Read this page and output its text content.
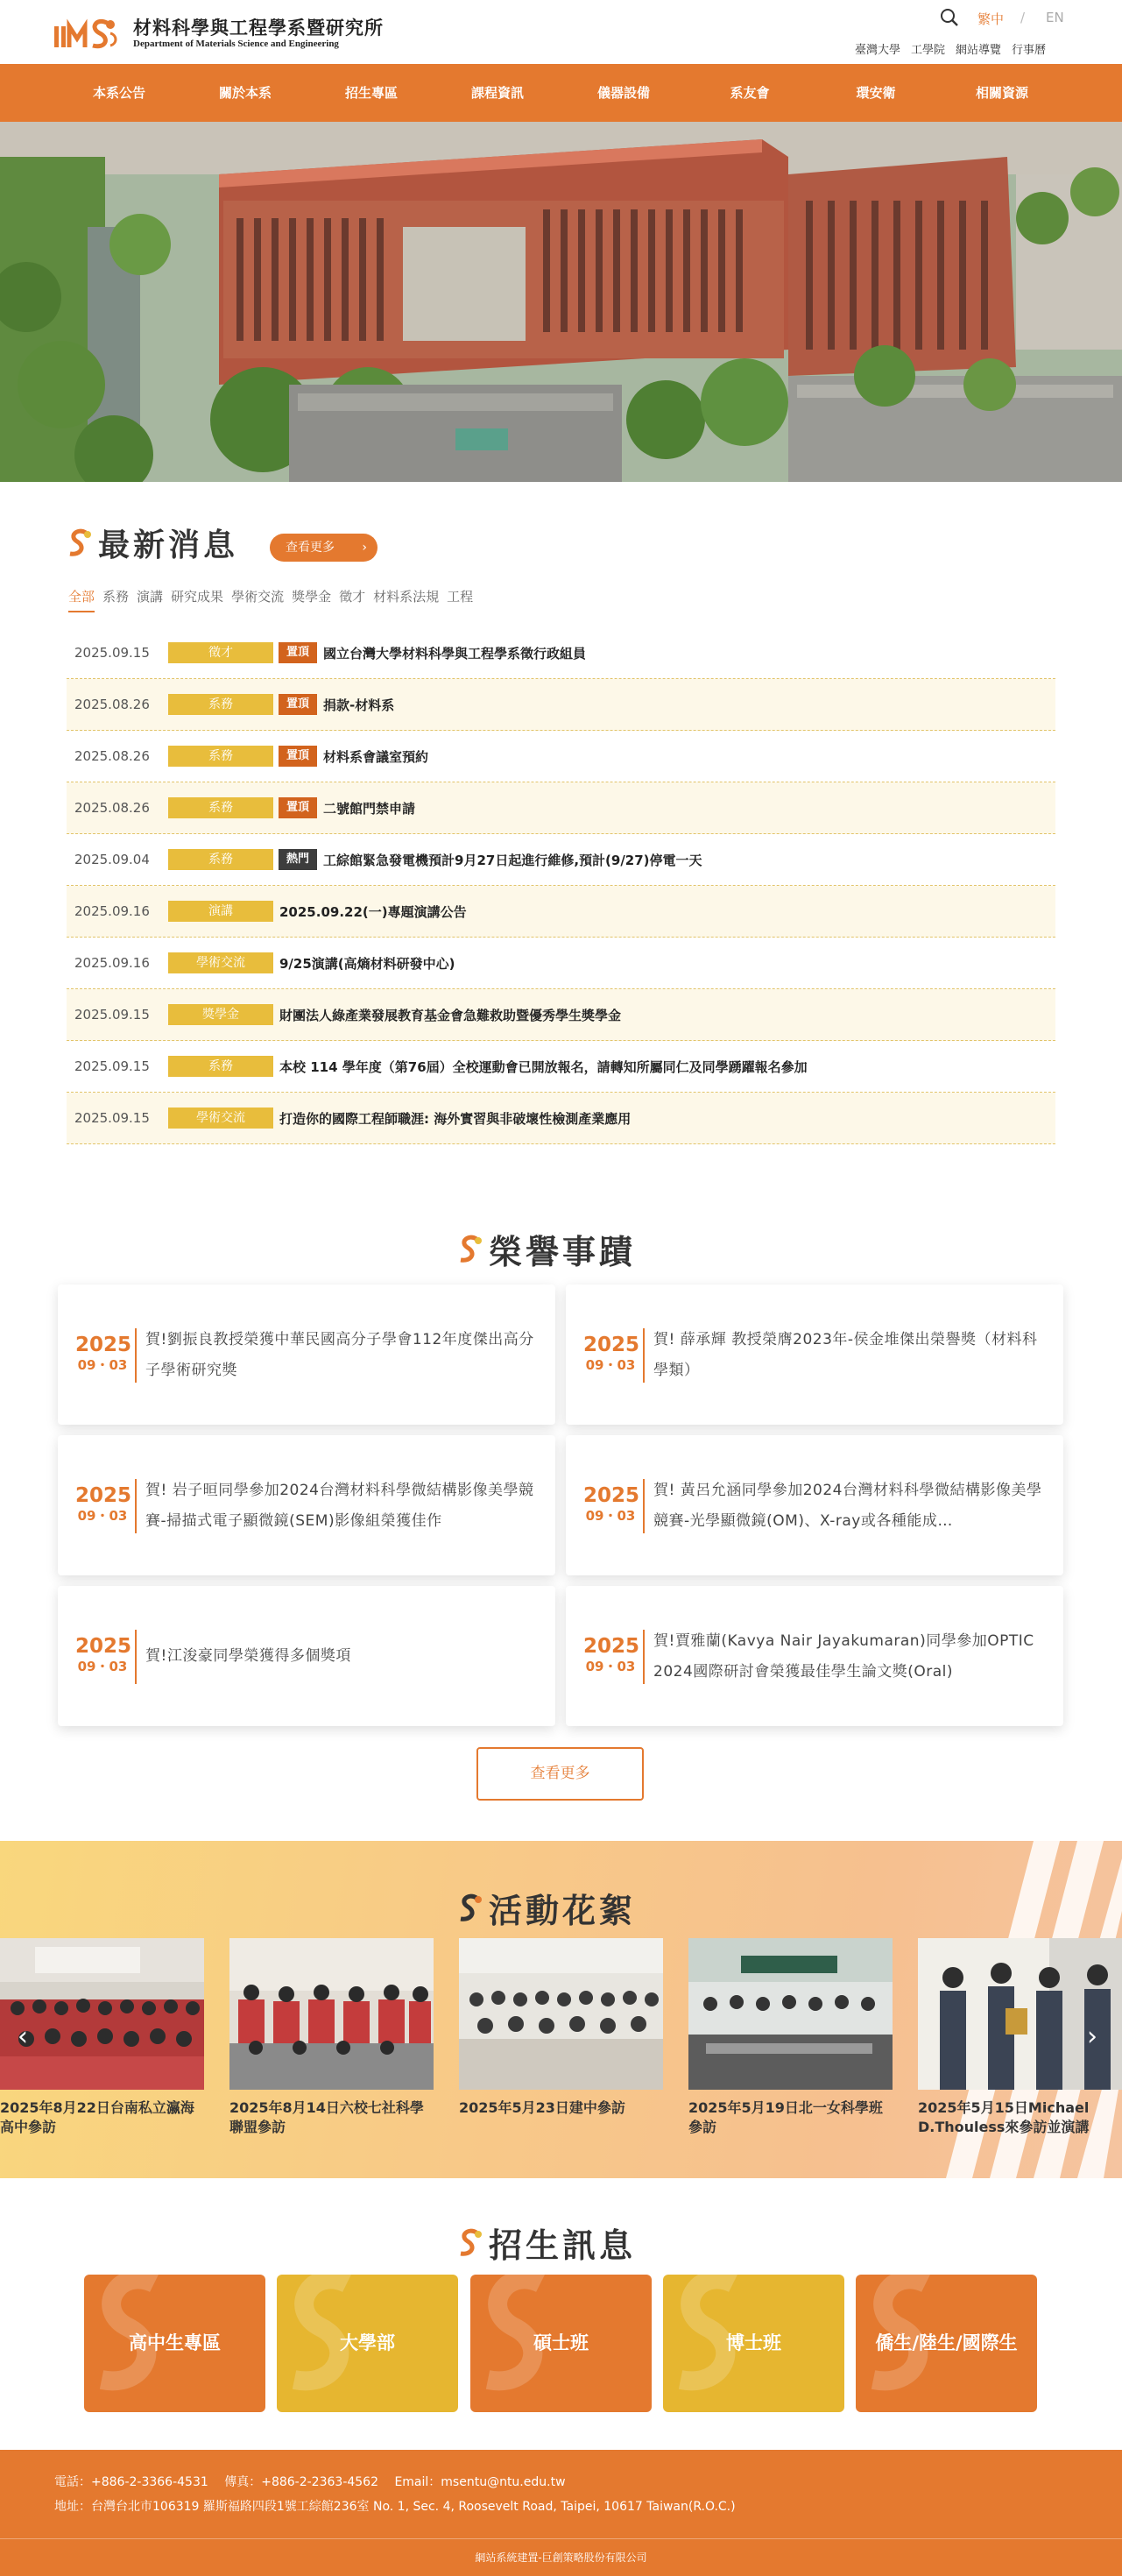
材料科學與工程學系暨研究所
Department of Materials Science and Engineering
繁中 / EN
臺灣大學 工學院 網站導覽 行事曆
本系公告	關於本系	招生專區	課程資訊	儀器設備	系友會	環安衛	相關資源
最新消息	查看更多 ›
全部 系務 演講 研究成果 學術交流 獎學金 徵才 材料系法規 工程
2025.09.15	徵才	置頂	國立台灣大學材料科學與工程學系徵行政組員
2025.08.26	系務	置頂	捐款-材料系
2025.08.26	系務	置頂	材料系會議室預約
2025.08.26	系務	置頂	二號館門禁申請
2025.09.04	系務	熱門	工綜館緊急發電機預計9月27日起進行維修,預計(9/27)停電一天
2025.09.16	演講	2025.09.22(一)專題演講公告
2025.09.16	學術交流	9/25演講(高熵材料研發中心)
2025.09.15	獎學金	財團法人綠產業發展教育基金會急難救助暨優秀學生獎學金
2025.09.15	系務	本校 114 學年度（第76屆）全校運動會已開放報名，請轉知所屬同仁及同學踴躍報名參加
2025.09.15	學術交流	打造你的國際工程師職涯: 海外實習與非破壞性檢測產業應用
榮譽事蹟
2025
09・03
賀!劉振良教授榮獲中華民國高分子學會112年度傑出高分子學術研究獎
2025
09・03
賀! 薛承輝 教授榮膺2023年-侯金堆傑出榮譽獎（材料科學類）
2025
09・03
賀! 岩子晅同學參加2024台灣材料科學微結構影像美學競賽-掃描式電子顯微鏡(SEM)影像組榮獲佳作
2025
09・03
賀! 黃呂允涵同學參加2024台灣材料科學微結構影像美學競賽-光學顯微鏡(OM)、X-ray或各種能成…
2025
09・03
賀!江浚豪同學榮獲得多個獎項	2025
09・03
賀!賈雅蘭(Kavya Nair Jayakumaran)同學參加OPTIC 2024國際研討會榮獲最佳學生論文獎(Oral)
查看更多
活動花絮
2025年8月22日台南私立瀛海高中參訪
2025年8月14日六校七社科學聯盟參訪
2025年5月23日建中參訪	2025年5月19日北一女科學班參訪
2025年5月15日Michael D.Thouless來參訪並演講
‹	›
招生訊息
高中生專區	大學部	碩士班	博士班	僑生/陸生/國際生
電話：+886-2-3366-4531　 傳真：+886-2-2363-4562　 Email：msentu@ntu.edu.tw
地址：台灣台北市106319 羅斯福路四段1號工綜館236室 No. 1, Sec. 4, Roosevelt Road, Taipei, 10617 Taiwan(R.O.C.)
網站系統建置-巨創策略股份有限公司
